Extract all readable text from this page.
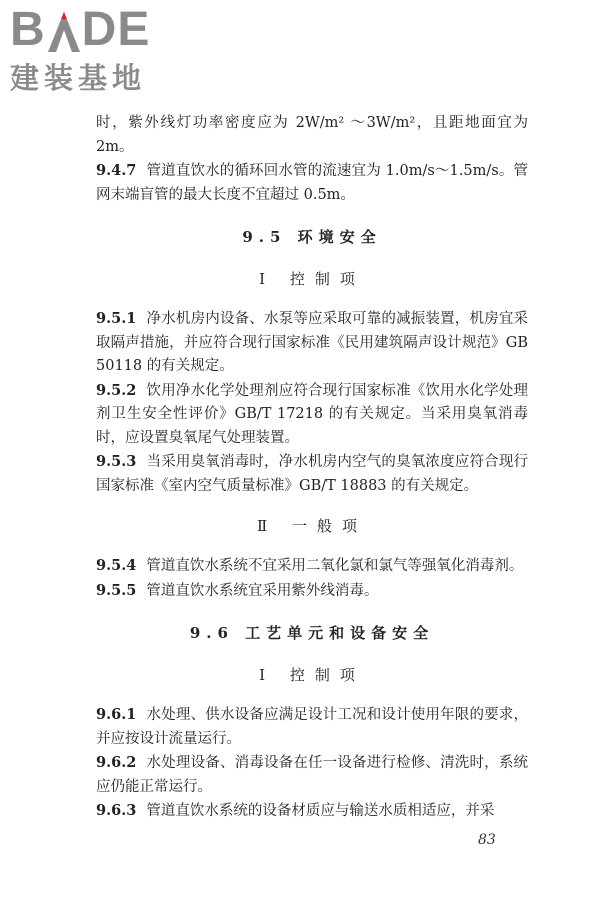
B DE
建装基地

时，紫外线灯功率密度应为 2W/m² ～3W/m²，且距地面宜为 2m。

9.4.7 管道直饮水的循环回水管的流速宜为 1.0m/s～1.5m/s。管网末端盲管的最大长度不宜超过 0.5m。

9.5 环境安全
Ⅰ 控制项

9.5.1 净水机房内设备、水泵等应采取可靠的减振装置，机房宜采取隔声措施，并应符合现行国家标准《民用建筑隔声设计规范》GB 50118 的有关规定。

9.5.2 饮用净水化学处理剂应符合现行国家标准《饮用水化学处理剂卫生安全性评价》GB/T 17218 的有关规定。当采用臭氧消毒时，应设置臭氧尾气处理装置。

9.5.3 当采用臭氧消毒时，净水机房内空气的臭氧浓度应符合现行国家标准《室内空气质量标准》GB/T 18883 的有关规定。

Ⅱ 一般项

9.5.4 管道直饮水系统不宜采用二氧化氯和氯气等强氧化消毒剂。

9.5.5 管道直饮水系统宜采用紫外线消毒。

9.6 工艺单元和设备安全
Ⅰ 控制项

9.6.1 水处理、供水设备应满足设计工况和设计使用年限的要求，并应按设计流量运行。

9.6.2 水处理设备、消毒设备在任一设备进行检修、清洗时，系统应仍能正常运行。

9.6.3 管道直饮水系统的设备材质应与输送水质相适应，并采

83
